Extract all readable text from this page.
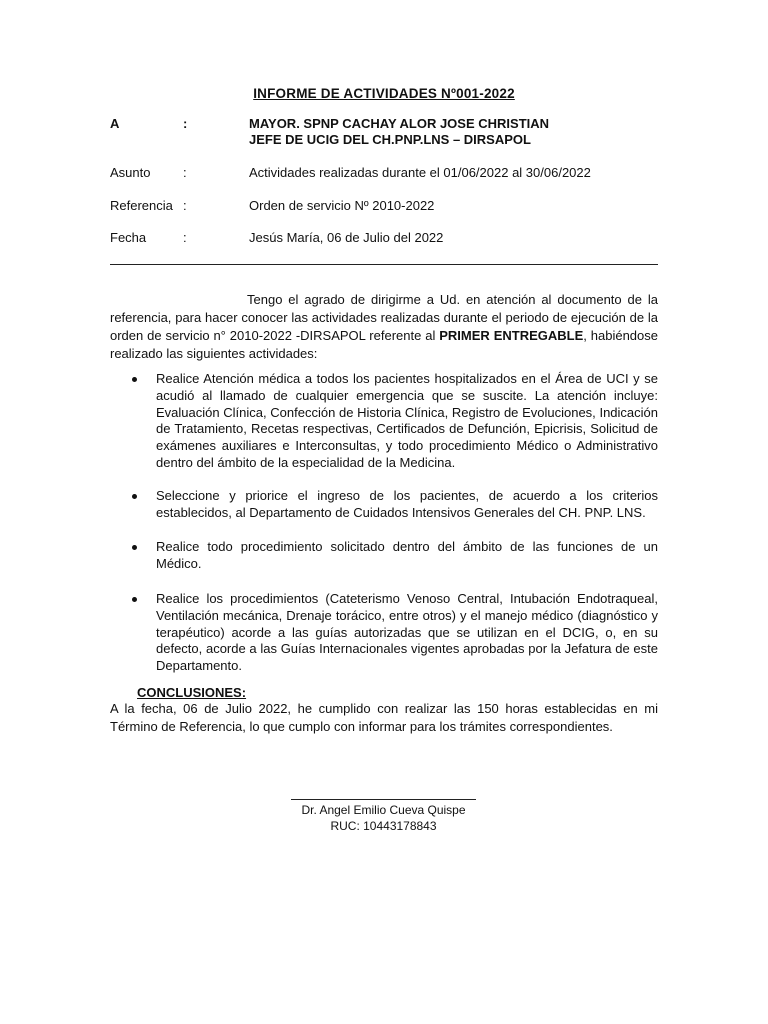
INFORME DE ACTIVIDADES Nº001-2022
A	:	MAYOR. SPNP CACHAY ALOR JOSE CHRISTIAN
JEFE DE UCIG DEL CH.PNP.LNS – DIRSAPOL
Asunto	:	Actividades realizadas durante el 01/06/2022 al 30/06/2022
Referencia :	Orden de servicio Nº 2010-2022
Fecha	:	Jesús María, 06 de Julio del 2022
Tengo el agrado de dirigirme a Ud. en atención al documento de la referencia, para hacer conocer las actividades realizadas durante el periodo de ejecución de la orden de servicio n° 2010-2022 -DIRSAPOL referente al PRIMER ENTREGABLE, habiéndose realizado las siguientes actividades:
Realice Atención médica a todos los pacientes hospitalizados en el Área de UCI y se acudió al llamado de cualquier emergencia que se suscite. La atención incluye: Evaluación Clínica, Confección de Historia Clínica, Registro de Evoluciones, Indicación de Tratamiento, Recetas respectivas, Certificados de Defunción, Epicrisis, Solicitud de exámenes auxiliares e Interconsultas, y todo procedimiento Médico o Administrativo dentro del ámbito de la especialidad de la Medicina.
Seleccione y priorice el ingreso de los pacientes, de acuerdo a los criterios establecidos, al Departamento de Cuidados Intensivos Generales del CH. PNP. LNS.
Realice todo procedimiento solicitado dentro del ámbito de las funciones de un Médico.
Realice los procedimientos (Cateterismo Venoso Central, Intubación Endotraqueal, Ventilación mecánica, Drenaje torácico, entre otros) y el manejo médico (diagnóstico y terapéutico) acorde a las guías autorizadas que se utilizan en el DCIG, o, en su defecto, acorde a las Guías Internacionales vigentes aprobadas por la Jefatura de este Departamento.
CONCLUSIONES:
A la fecha, 06 de Julio 2022, he cumplido con realizar las 150 horas establecidas en mi Término de Referencia, lo que cumplo con informar para los trámites correspondientes.
Dr. Angel Emilio Cueva Quispe
RUC: 10443178843
